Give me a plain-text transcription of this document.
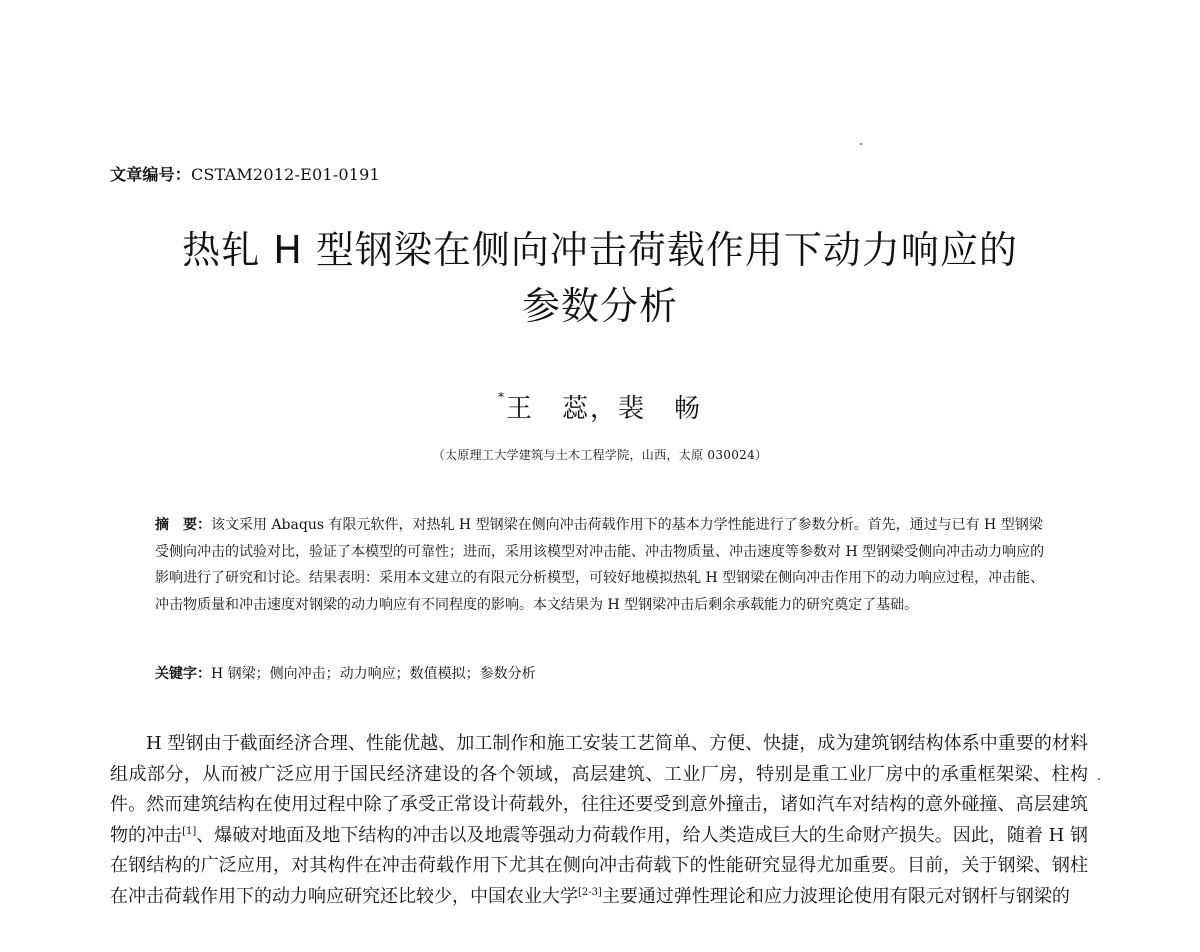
文章编号：CSTAM2012-E01-0191
热轧 H 型钢梁在侧向冲击荷载作用下动力响应的
参数分析
*王　蕊，裴　畅
（太原理工大学建筑与土木工程学院，山西，太原 030024）

摘　要：该文采用 Abaqus 有限元软件，对热轧 H 型钢梁在侧向冲击荷载作用下的基本力学性能进行了参数分析。首先，通过与已有 H 型钢梁受侧向冲击的试验对比，验证了本模型的可靠性；进而，采用该模型对冲击能、冲击物质量、冲击速度等参数对 H 型钢梁受侧向冲击动力响应的影响进行了研究和讨论。结果表明：采用本文建立的有限元分析模型，可较好地模拟热轧 H 型钢梁在侧向冲击作用下的动力响应过程，冲击能、冲击物质量和冲击速度对钢梁的动力响应有不同程度的影响。本文结果为 H 型钢梁冲击后剩余承载能力的研究奠定了基础。

关键字：H 钢梁；侧向冲击；动力响应；数值模拟；参数分析

H 型钢由于截面经济合理、性能优越、加工制作和施工安装工艺简单、方便、快捷，成为建筑钢结构体系中重要的材料组成部分，从而被广泛应用于国民经济建设的各个领域，高层建筑、工业厂房，特别是重工业厂房中的承重框架梁、柱构件。然而建筑结构在使用过程中除了承受正常设计荷载外，往往还要受到意外撞击，诸如汽车对结构的意外碰撞、高层建筑物的冲击[1]、爆破对地面及地下结构的冲击以及地震等强动力荷载作用，给人类造成巨大的生命财产损失。因此，随着 H 钢在钢结构的广泛应用，对其构件在冲击荷载作用下尤其在侧向冲击荷载下的性能研究显得尤加重要。目前，关于钢梁、钢柱在冲击荷载作用下的动力响应研究还比较少，中国农业大学[2-3]主要通过弹性理论和应力波理论使用有限元对钢杆与钢梁的
